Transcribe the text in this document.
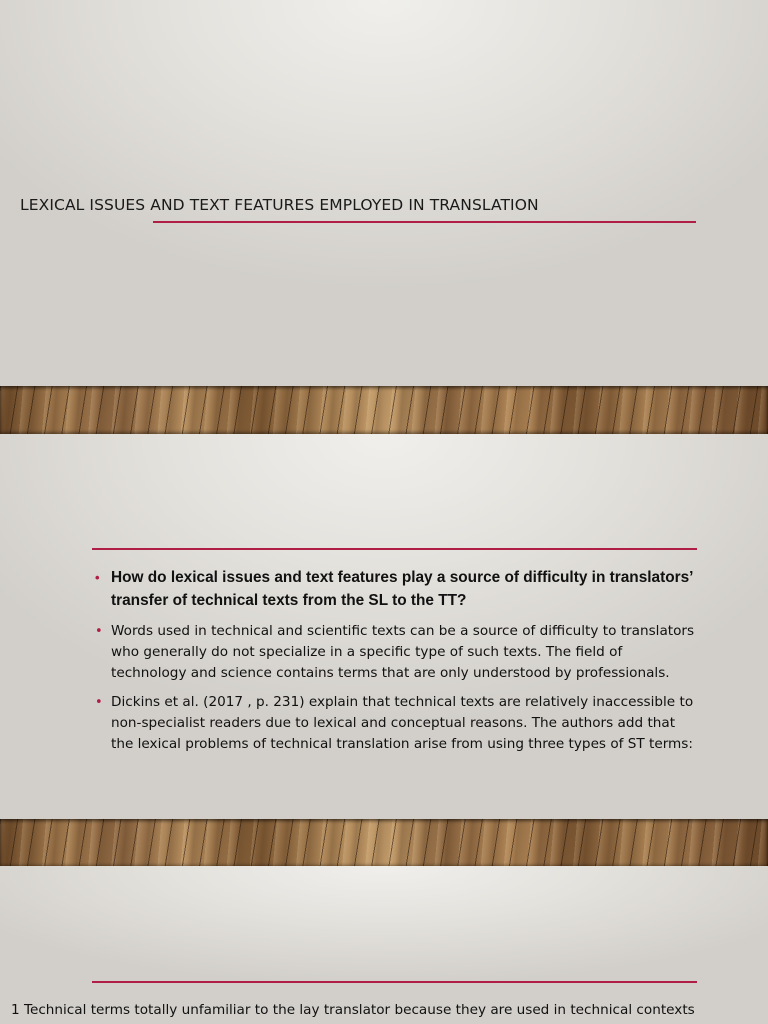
LEXICAL ISSUES AND TEXT FEATURES EMPLOYED IN TRANSLATION
• How do lexical issues and text features play a source of difficulty in translators’ transfer of technical texts from the SL to the TT?
• Words used in technical and scientific texts can be a source of difficulty to translators who generally do not specialize in a specific type of such texts. The field of technology and science contains terms that are only understood by professionals.
• Dickins et al. (2017 , p. 231) explain that technical texts are relatively inaccessible to non-specialist readers due to lexical and conceptual reasons. The authors add that the lexical problems of technical translation arise from using three types of ST terms:
1 Technical terms totally unfamiliar to the lay translator because they are used in technical contexts
